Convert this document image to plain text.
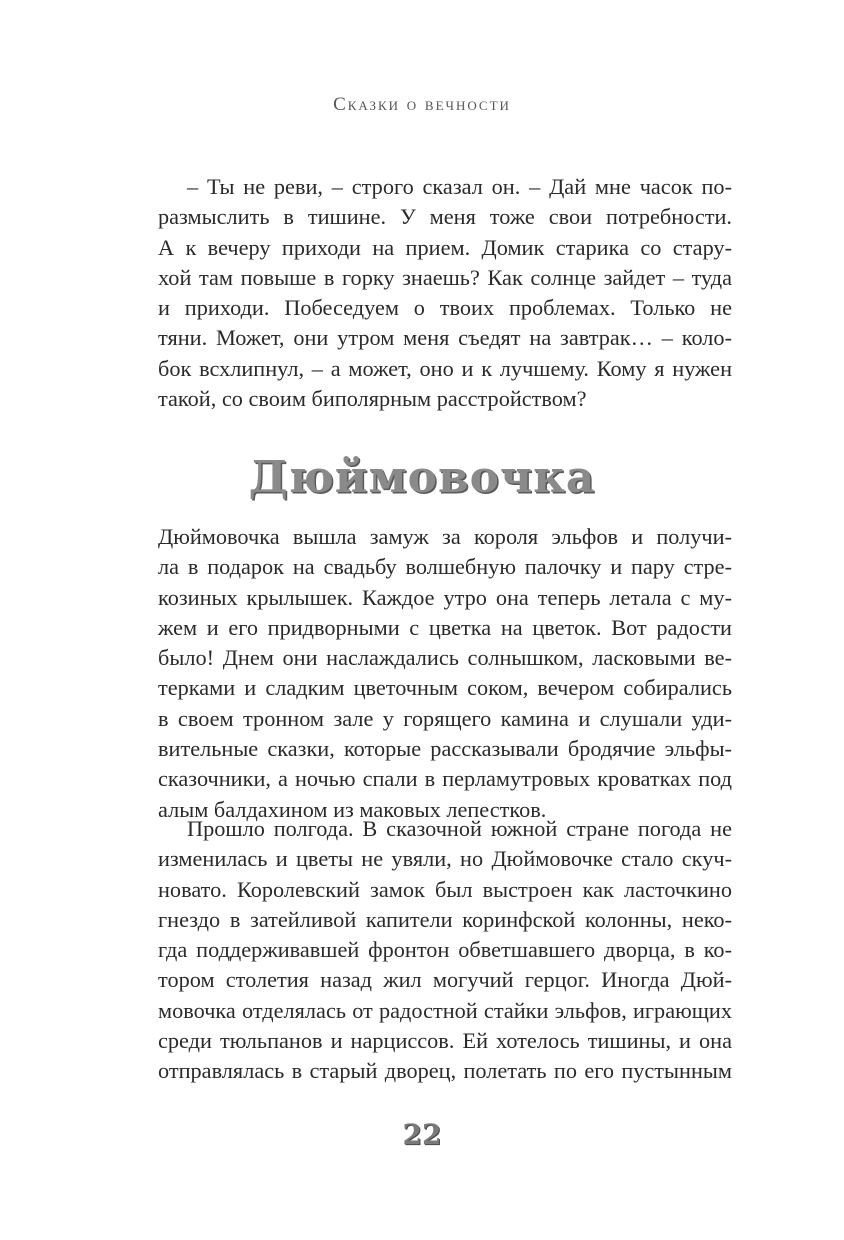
Сказки о вечности
– Ты не реви, – строго сказал он. – Дай мне часок по-
размыслить в тишине. У меня тоже свои потребности.
А к вечеру приходи на прием. Домик старика со стару-
хой там повыше в горку знаешь? Как солнце зайдет – туда
и приходи. Побеседуем о твоих проблемах. Только не
тяни. Может, они утром меня съедят на завтрак… – коло-
бок всхлипнул, – а может, оно и к лучшему. Кому я нужен
такой, со своим биполярным расстройством?
Дюймовочка
Дюймовочка вышла замуж за короля эльфов и получи-
ла в подарок на свадьбу волшебную палочку и пару стре-
козиных крылышек. Каждое утро она теперь летала с му-
жем и его придворными с цветка на цветок. Вот радости
было! Днем они наслаждались солнышком, ласковыми ве-
терками и сладким цветочным соком, вечером собирались
в своем тронном зале у горящего камина и слушали уди-
вительные сказки, которые рассказывали бродячие эльфы-
сказочники, а ночью спали в перламутровых кроватках под
алым балдахином из маковых лепестков.
Прошло полгода. В сказочной южной стране погода не
изменилась и цветы не увяли, но Дюймовочке стало скуч-
новато. Королевский замок был выстроен как ласточкино
гнездо в затейливой капители коринфской колонны, неко-
гда поддерживавшей фронтон обветшавшего дворца, в ко-
тором столетия назад жил могучий герцог. Иногда Дюй-
мовочка отделялась от радостной стайки эльфов, играющих
среди тюльпанов и нарциссов. Ей хотелось тишины, и она
отправлялась в старый дворец, полетать по его пустынным
22
